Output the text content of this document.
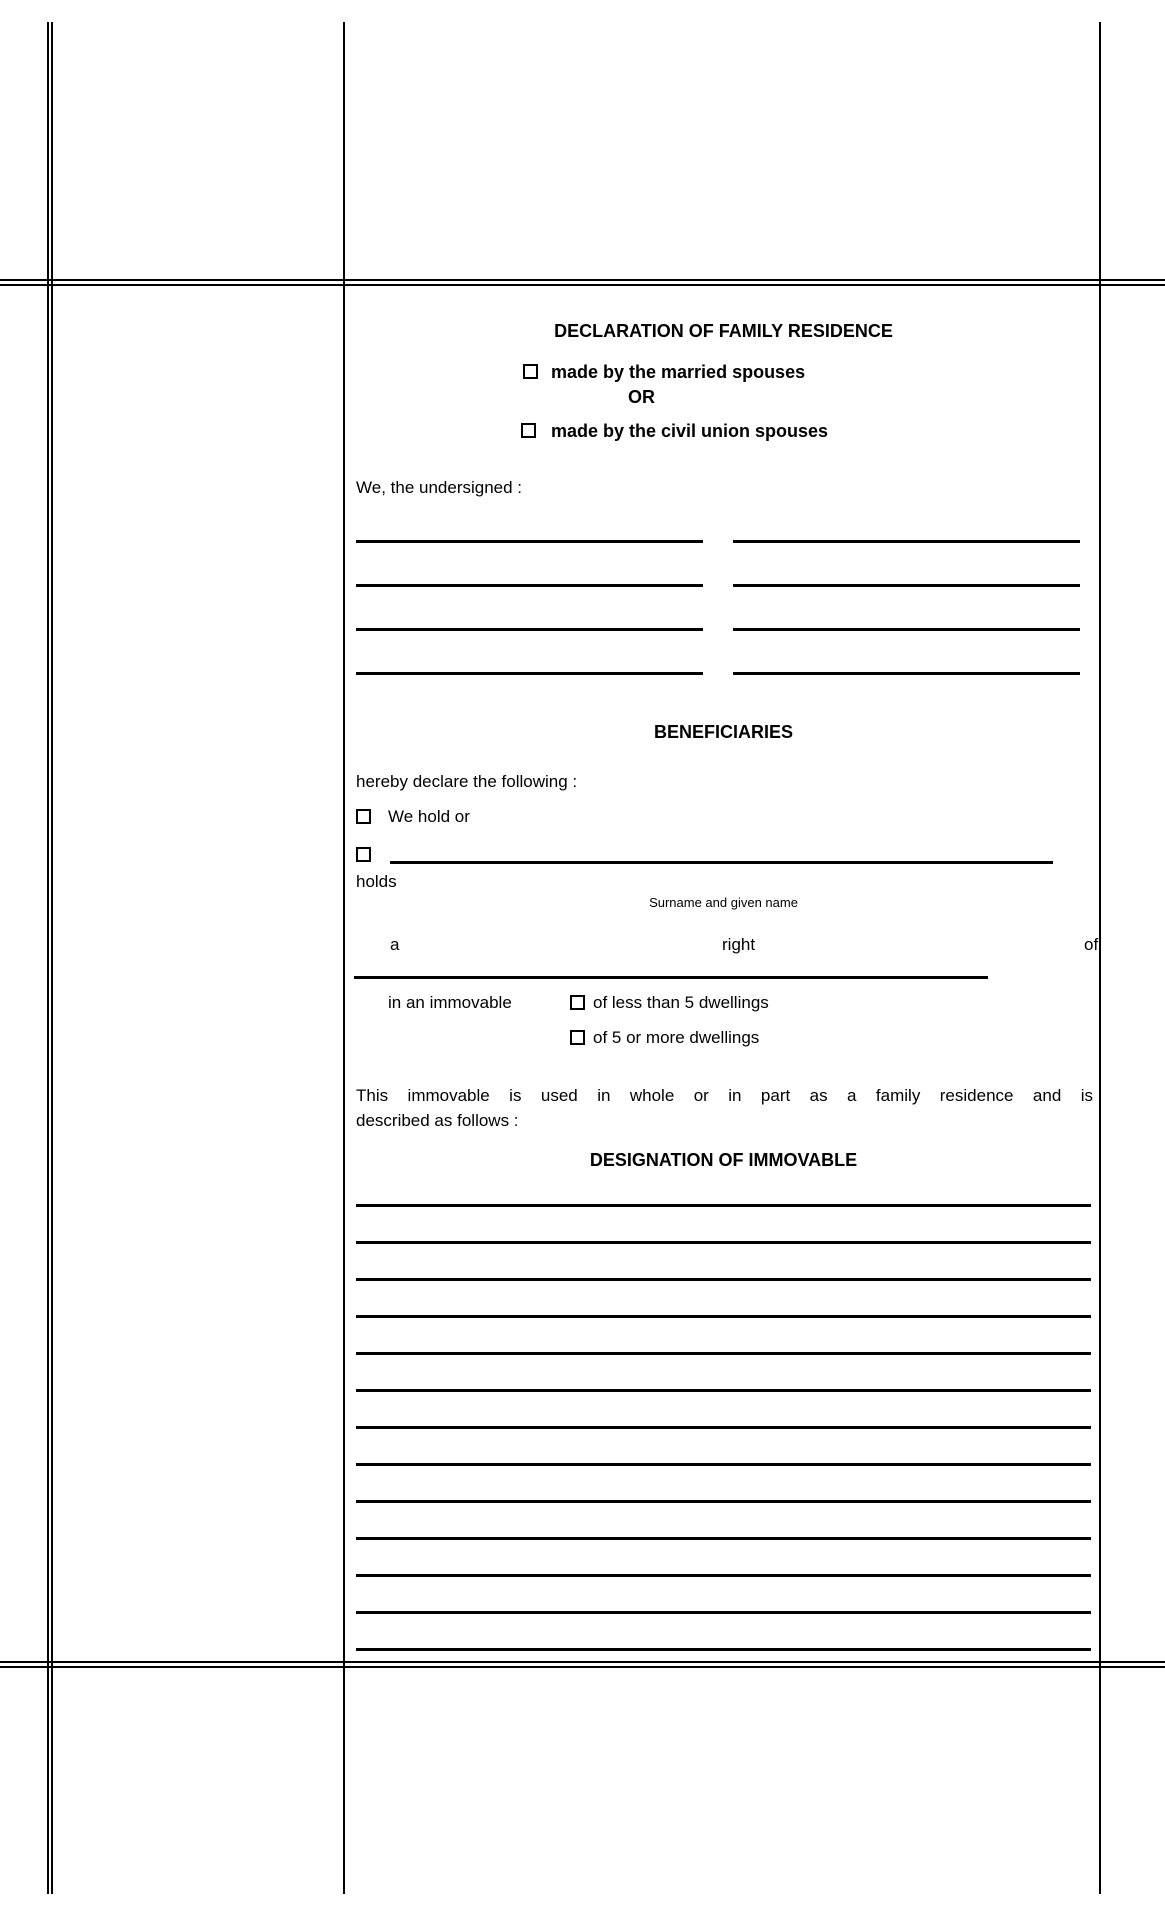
DECLARATION OF FAMILY RESIDENCE
made by the married spouses
OR
made by the civil union spouses
We, the undersigned :
BENEFICIARIES
hereby declare the following :
We hold or
holds
Surname and given name
a	right	of
in an immovable	of less than 5 dwellings
of 5 or more dwellings
This immovable is used in whole or in part as a family residence and is
described as follows :
DESIGNATION OF IMMOVABLE
